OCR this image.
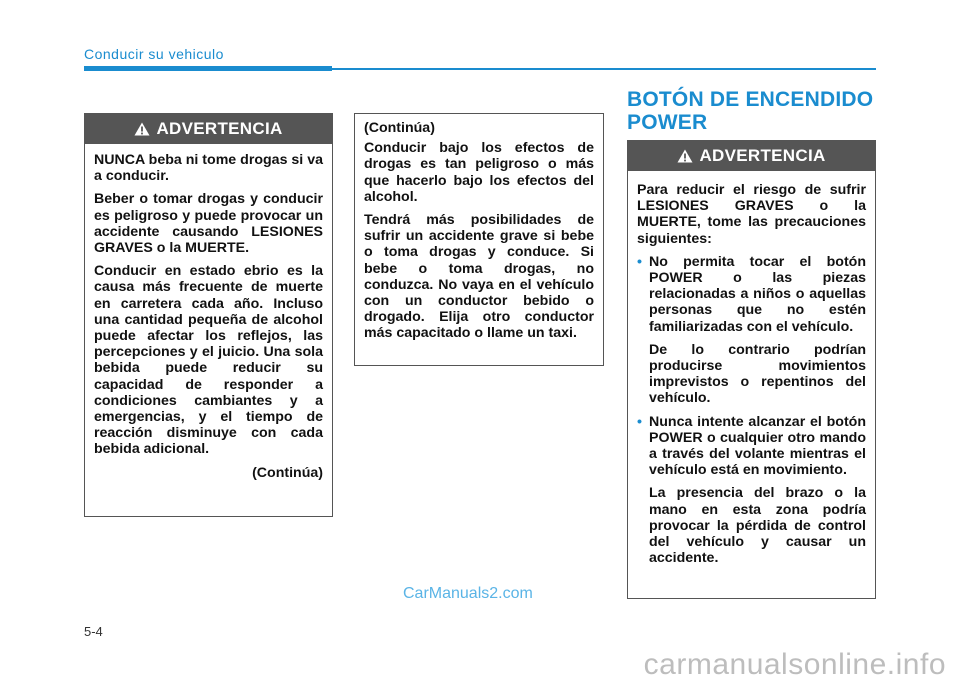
Conducir su vehiculo
ADVERTENCIA

NUNCA beba ni tome drogas si va a conducir.

Beber o tomar drogas y conducir es peligroso y puede provocar un accidente causando LESIONES GRAVES o la MUERTE.

Conducir en estado ebrio es la causa más frecuente de muerte en carretera cada año. Incluso una cantidad pequeña de alcohol puede afectar los reflejos, las percepciones y el juicio. Una sola bebida puede reducir su capacidad de responder a condiciones cambiantes y a emergencias, y el tiempo de reacción disminuye con cada bebida adicional.

(Continúa)

(Continúa)

Conducir bajo los efectos de drogas es tan peligroso o más que hacerlo bajo los efectos del alcohol.

Tendrá más posibilidades de sufrir un accidente grave si bebe o toma drogas y conduce. Si bebe o toma drogas, no conduzca. No vaya en el vehículo con un conductor bebido o drogado. Elija otro conductor más capacitado o llame un taxi.

BOTÓN DE ENCENDIDO
POWER
ADVERTENCIA

Para reducir el riesgo de sufrir LESIONES GRAVES o la MUERTE, tome las precauciones siguientes:

• No permita tocar el botón POWER o las piezas relacionadas a niños o aquellas personas que no estén familiarizadas con el vehículo.

De lo contrario podrían producirse movimientos imprevistos o repentinos del vehículo.

• Nunca intente alcanzar el botón POWER o cualquier otro mando a través del volante mientras el vehículo está en movimiento.

La presencia del brazo o la mano en esta zona podría provocar la pérdida de control del vehículo y causar un accidente.

CarManuals2.com
5-4
carmanualsonline.info
